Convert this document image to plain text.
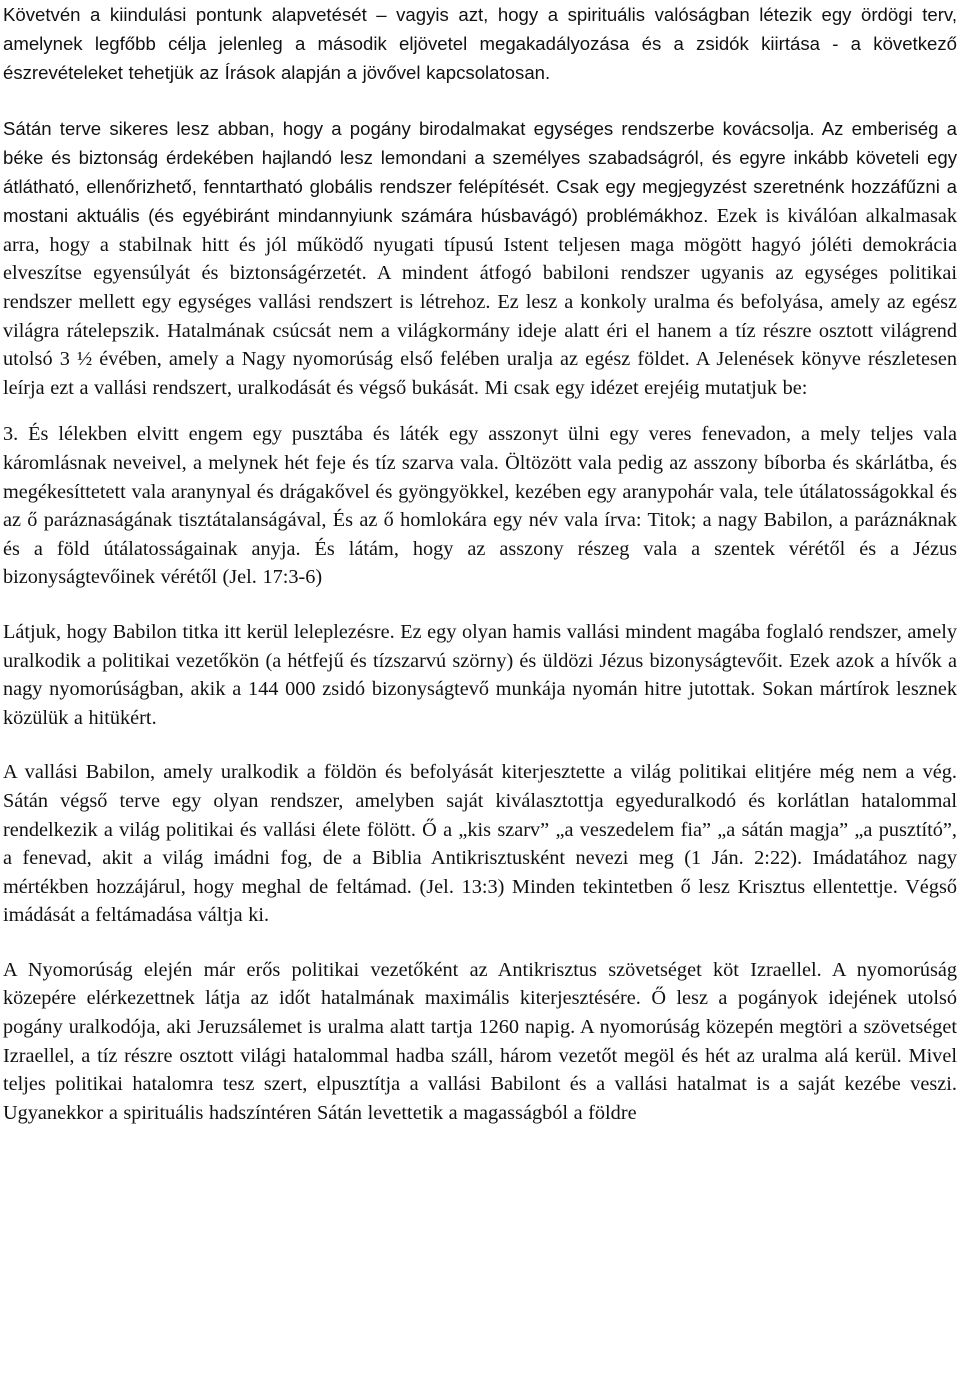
Követvén a kiindulási pontunk alapvetését – vagyis azt, hogy a spirituális valóságban létezik egy ördögi terv, amelynek legfőbb célja jelenleg a második eljövetel megakadályozása és a zsidók kiirtása - a következő észrevételeket tehetjük az Írások alapján a jövővel kapcsolatosan.

Sátán terve sikeres lesz abban, hogy a pogány birodalmakat egységes rendszerbe kovácsolja. Az emberiség a béke és biztonság érdekében hajlandó lesz lemondani a személyes szabadságról, és egyre inkább követeli egy átlátható, ellenőrizhető, fenntartható globális rendszer felépítését. Csak egy megjegyzést szeretnénk hozzáfűzni a mostani aktuális (és egyébiránt mindannyiunk számára húsbavágó) problémákhoz. Ezek is kiválóan alkalmasak arra, hogy a stabilnak hitt és jól működő nyugati típusú Istent teljesen maga mögött hagyó jóléti demokrácia elveszítse egyensúlyát és biztonságérzetét. A mindent átfogó babiloni rendszer ugyanis az egységes politikai rendszer mellett egy egységes vallási rendszert is létrehoz. Ez lesz a konkoly uralma és befolyása, amely az egész világra rátelepszik. Hatalmának csúcsát nem a világkormány ideje alatt éri el hanem a tíz részre osztott világrend utolsó 3 ½ évében, amely a Nagy nyomorúság első felében uralja az egész földet. A Jelenések könyve részletesen leírja ezt a vallási rendszert, uralkodását és végső bukását. Mi csak egy idézet erejéig mutatjuk be:

3. És lélekben elvitt engem egy pusztába és láték egy asszonyt ülni egy veres fenevadon, a mely teljes vala káromlásnak neveivel, a melynek hét feje és tíz szarva vala. Öltözött vala pedig az asszony bíborba és skárlátba, és megékesíttetett vala aranynyal és drágakővel és gyöngyökkel, kezében egy aranypohár vala, tele útálatosságokkal és az ő paráznaságának tisztátalanságával, És az ő homlokára egy név vala írva: Titok; a nagy Babilon, a paráznáknak és a föld útálatosságainak anyja. És látám, hogy az asszony részeg vala a szentek vérétől és a Jézus bizonyságtevőinek vérétől (Jel. 17:3-6)

Látjuk, hogy Babilon titka itt kerül leleplezésre. Ez egy olyan hamis vallási mindent magába foglaló rendszer, amely uralkodik a politikai vezetőkön (a hétfejű és tízszarvú szörny) és üldözi Jézus bizonyságtevőit. Ezek azok a hívők a nagy nyomorúságban, akik a 144 000 zsidó bizonyságtevő munkája nyomán hitre jutottak. Sokan mártírok lesznek közülük a hitükért.

A vallási Babilon, amely uralkodik a földön és befolyását kiterjesztette a világ politikai elitjére még nem a vég. Sátán végső terve egy olyan rendszer, amelyben saját kiválasztottja egyeduralkodó és korlátlan hatalommal rendelkezik a világ politikai és vallási élete fölött. Ő a „kis szarv” „a veszedelem fia” „a sátán magja” „a pusztító”, a fenevad, akit a világ imádni fog, de a Biblia Antikrisztusként nevezi meg (1 Ján. 2:22). Imádatához nagy mértékben hozzájárul, hogy meghal de feltámad. (Jel. 13:3) Minden tekintetben ő lesz Krisztus ellentettje. Végső imádását a feltámadása váltja ki.

A Nyomorúság elején már erős politikai vezetőként az Antikrisztus szövetséget köt Izraellel. A nyomorúság közepére elérkezettnek látja az időt hatalmának maximális kiterjesztésére. Ő lesz a pogányok idejének utolsó pogány uralkodója, aki Jeruzsálemet is uralma alatt tartja 1260 napig. A nyomorúság közepén megtöri a szövetséget Izraellel, a tíz részre osztott világi hatalommal hadba száll, három vezetőt megöl és hét az uralma alá kerül. Mivel teljes politikai hatalomra tesz szert, elpusztítja a vallási Babilont és a vallási hatalmat is a saját kezébe veszi. Ugyanekkor a spirituális hadszíntéren Sátán levettetik a magasságból a földre
